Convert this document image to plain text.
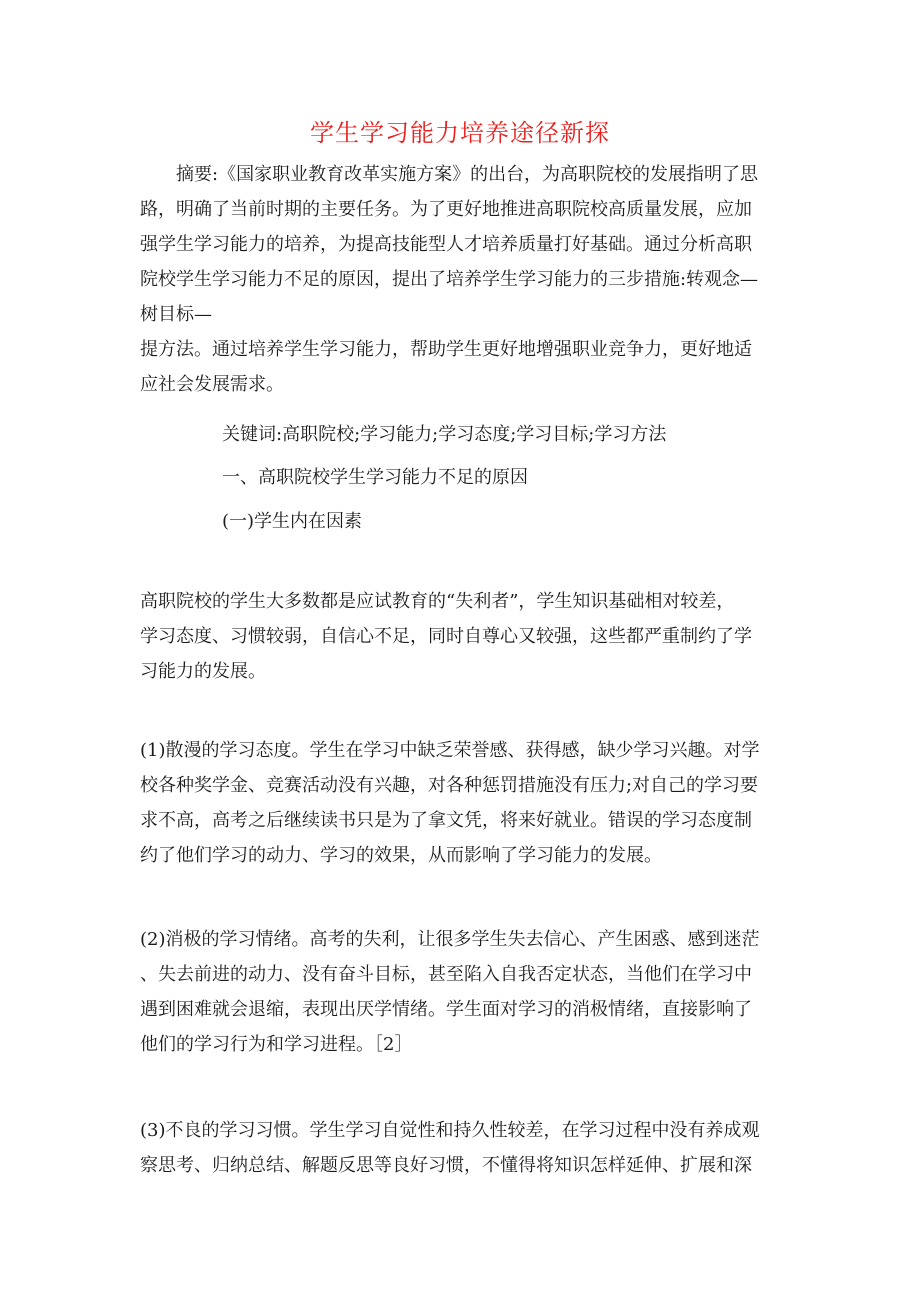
学生学习能力培养途径新探
摘要:《国家职业教育改革实施方案》的出台，为高职院校的发展指明了思
路，明确了当前时期的主要任务。为了更好地推进高职院校高质量发展，应加
强学生学习能力的培养，为提高技能型人才培养质量打好基础。通过分析高职
院校学生学习能力不足的原因，提出了培养学生学习能力的三步措施:转观念—
树目标—
提方法。通过培养学生学习能力，帮助学生更好地增强职业竞争力，更好地适
应社会发展需求。
关键词:高职院校;学习能力;学习态度;学习目标;学习方法
一、高职院校学生学习能力不足的原因
(一)学生内在因素
高职院校的学生大多数都是应试教育的“失利者”，学生知识基础相对较差，
学习态度、习惯较弱，自信心不足，同时自尊心又较强，这些都严重制约了学
习能力的发展。
(1)散漫的学习态度。学生在学习中缺乏荣誉感、获得感，缺少学习兴趣。对学
校各种奖学金、竞赛活动没有兴趣，对各种惩罚措施没有压力;对自己的学习要
求不高，高考之后继续读书只是为了拿文凭，将来好就业。错误的学习态度制
约了他们学习的动力、学习的效果，从而影响了学习能力的发展。
(2)消极的学习情绪。高考的失利，让很多学生失去信心、产生困惑、感到迷茫
、失去前进的动力、没有奋斗目标，甚至陷入自我否定状态，当他们在学习中
遇到困难就会退缩，表现出厌学情绪。学生面对学习的消极情绪，直接影响了
他们的学习行为和学习进程。［2］
(3)不良的学习习惯。学生学习自觉性和持久性较差，在学习过程中没有养成观
察思考、归纳总结、解题反思等良好习惯，不懂得将知识怎样延伸、扩展和深
